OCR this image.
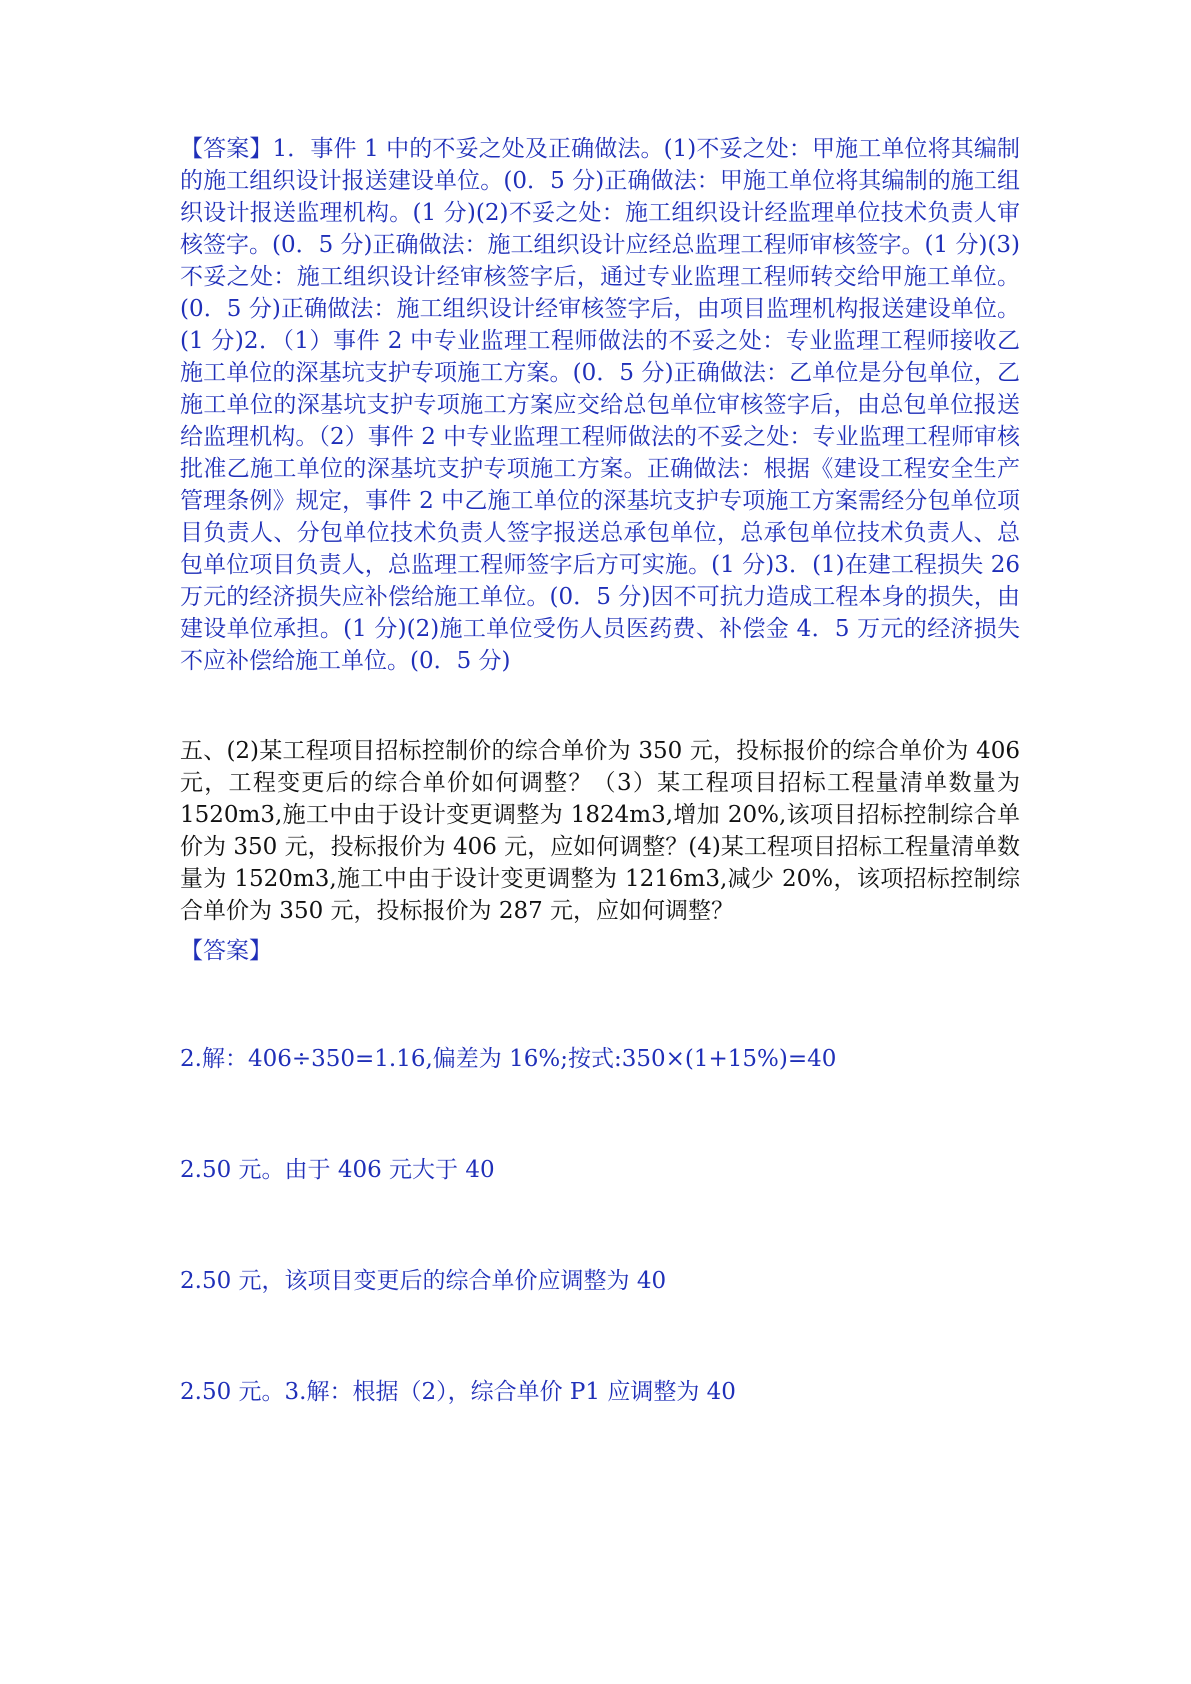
【答案】1．事件 1 中的不妥之处及正确做法。(1)不妥之处：甲施工单位将其编制的施工组织设计报送建设单位。(0．5 分)正确做法：甲施工单位将其编制的施工组织设计报送监理机构。(1 分)(2)不妥之处：施工组织设计经监理单位技术负责人审核签字。(0．5 分)正确做法：施工组织设计应经总监理工程师审核签字。(1 分)(3)不妥之处：施工组织设计经审核签字后，通过专业监理工程师转交给甲施工单位。(0．5 分)正确做法：施工组织设计经审核签字后，由项目监理机构报送建设单位。(1 分)2．（1）事件 2 中专业监理工程师做法的不妥之处：专业监理工程师接收乙施工单位的深基坑支护专项施工方案。(0．5 分)正确做法：乙单位是分包单位，乙施工单位的深基坑支护专项施工方案应交给总包单位审核签字后，由总包单位报送给监理机构。（2）事件 2 中专业监理工程师做法的不妥之处：专业监理工程师审核批准乙施工单位的深基坑支护专项施工方案。正确做法：根据《建设工程安全生产管理条例》规定，事件 2 中乙施工单位的深基坑支护专项施工方案需经分包单位项目负责人、分包单位技术负责人签字报送总承包单位，总承包单位技术负责人、总包单位项目负责人，总监理工程师签字后方可实施。(1 分)3．(1)在建工程损失 26 万元的经济损失应补偿给施工单位。(0．5 分)因不可抗力造成工程本身的损失，由建设单位承担。(1 分)(2)施工单位受伤人员医药费、补偿金 4．5 万元的经济损失不应补偿给施工单位。(0．5 分)

五、(2)某工程项目招标控制价的综合单价为 350 元，投标报价的综合单价为 406 元，工程变更后的综合单价如何调整？（3）某工程项目招标工程量清单数量为 1520m3,施工中由于设计变更调整为 1824m3,增加 20%,该项目招标控制综合单价为 350 元，投标报价为 406 元，应如何调整？(4)某工程项目招标工程量清单数量为 1520m3,施工中由于设计变更调整为 1216m3,减少 20%，该项招标控制综合单价为 350 元，投标报价为 287 元，应如何调整？

【答案】
2.解：406÷350=1.16,偏差为 16%;按式:350×(1+15%)=40
2.50 元。由于 406 元大于 40
2.50 元，该项目变更后的综合单价应调整为 40
2.50 元。3.解：根据（2），综合单价 P1 应调整为 40
